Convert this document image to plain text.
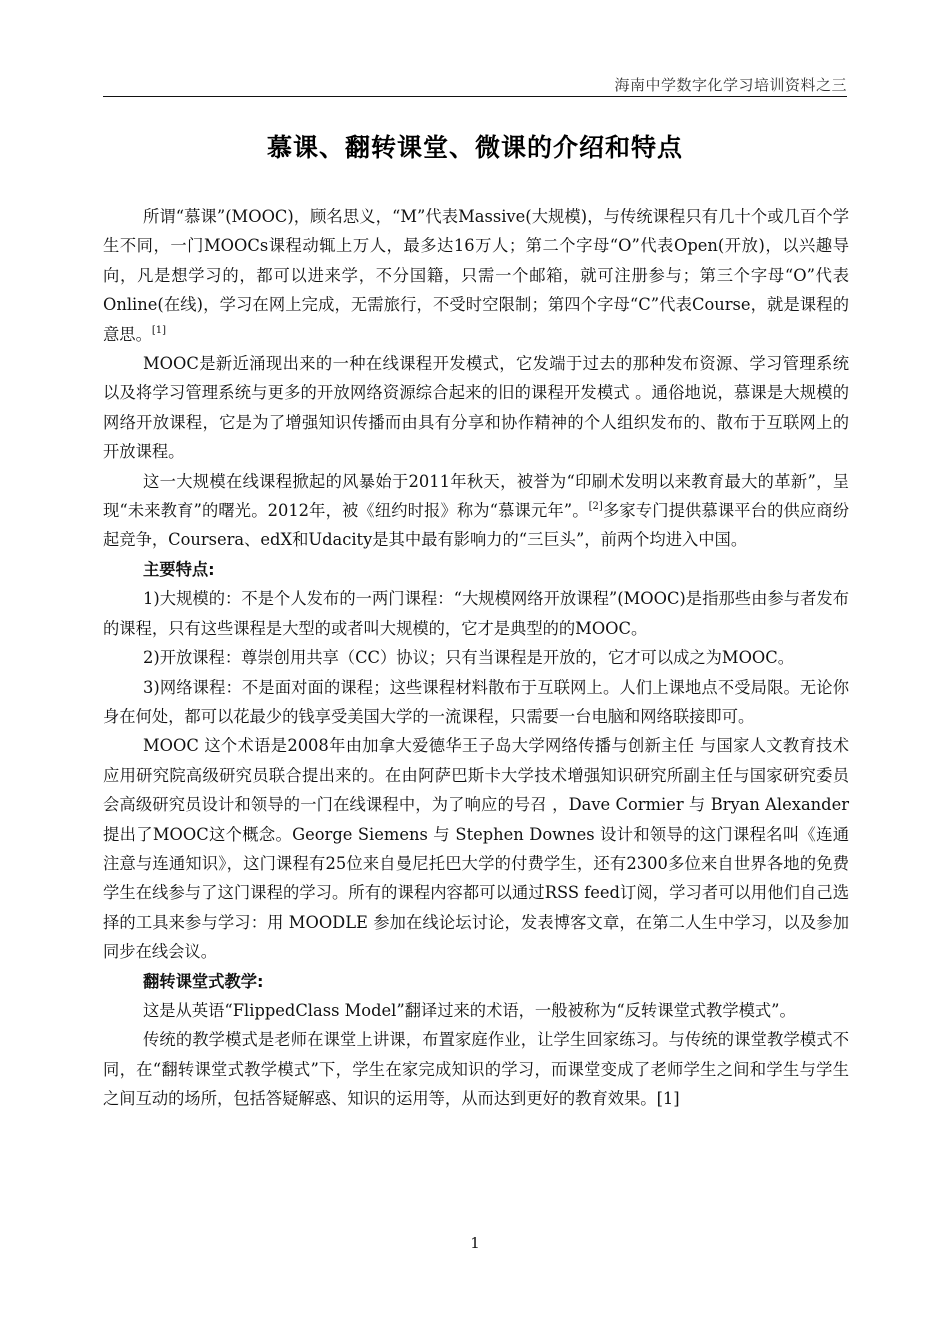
海南中学数字化学习培训资料之三
慕课、翻转课堂、微课的介绍和特点

所谓“慕课”(MOOC)，顾名思义，“M”代表Massive(大规模)，与传统课程只有几十个或几百个学生不同，一门MOOCs课程动辄上万人，最多达16万人；第二个字母“O”代表Open(开放)，以兴趣导向，凡是想学习的，都可以进来学，不分国籍，只需一个邮箱，就可注册参与；第三个字母“O”代表Online(在线)，学习在网上完成，无需旅行，不受时空限制；第四个字母“C”代表Course，就是课程的意思。[1]

MOOC是新近涌现出来的一种在线课程开发模式，它发端于过去的那种发布资源、学习管理系统以及将学习管理系统与更多的开放网络资源综合起来的旧的课程开发模式 。通俗地说，慕课是大规模的网络开放课程，它是为了增强知识传播而由具有分享和协作精神的个人组织发布的、散布于互联网上的开放课程。

这一大规模在线课程掀起的风暴始于2011年秋天，被誉为“印刷术发明以来教育最大的革新”，呈现“未来教育”的曙光。2012年，被《纽约时报》称为“慕课元年”。[2]多家专门提供慕课平台的供应商纷起竞争，Coursera、edX和Udacity是其中最有影响力的“三巨头”，前两个均进入中国。

主要特点:

1)大规模的：不是个人发布的一两门课程：“大规模网络开放课程”(MOOC)是指那些由参与者发布的课程，只有这些课程是大型的或者叫大规模的，它才是典型的的MOOC。

2)开放课程：尊崇创用共享（CC）协议；只有当课程是开放的，它才可以成之为MOOC。

3)网络课程：不是面对面的课程；这些课程材料散布于互联网上。人们上课地点不受局限。无论你身在何处，都可以花最少的钱享受美国大学的一流课程，只需要一台电脑和网络联接即可。

MOOC 这个术语是2008年由加拿大爱德华王子岛大学网络传播与创新主任 与国家人文教育技术应用研究院高级研究员联合提出来的。在由阿萨巴斯卡大学技术增强知识研究所副主任与国家研究委员会高级研究员设计和领导的一门在线课程中，为了响应的号召 ，Dave Cormier 与 Bryan Alexander提出了MOOC这个概念。George Siemens 与 Stephen Downes 设计和领导的这门课程名叫《连通注意与连通知识》，这门课程有25位来自曼尼托巴大学的付费学生，还有2300多位来自世界各地的免费学生在线参与了这门课程的学习。所有的课程内容都可以通过RSS feed订阅，学习者可以用他们自己选择的工具来参与学习：用 MOODLE 参加在线论坛讨论，发表博客文章，在第二人生中学习，以及参加同步在线会议。

翻转课堂式教学:

这是从英语“FlippedClass Model”翻译过来的术语，一般被称为“反转课堂式教学模式”。

传统的教学模式是老师在课堂上讲课，布置家庭作业，让学生回家练习。与传统的课堂教学模式不同，在“翻转课堂式教学模式”下，学生在家完成知识的学习，而课堂变成了老师学生之间和学生与学生之间互动的场所，包括答疑解惑、知识的运用等，从而达到更好的教育效果。[1]

1
